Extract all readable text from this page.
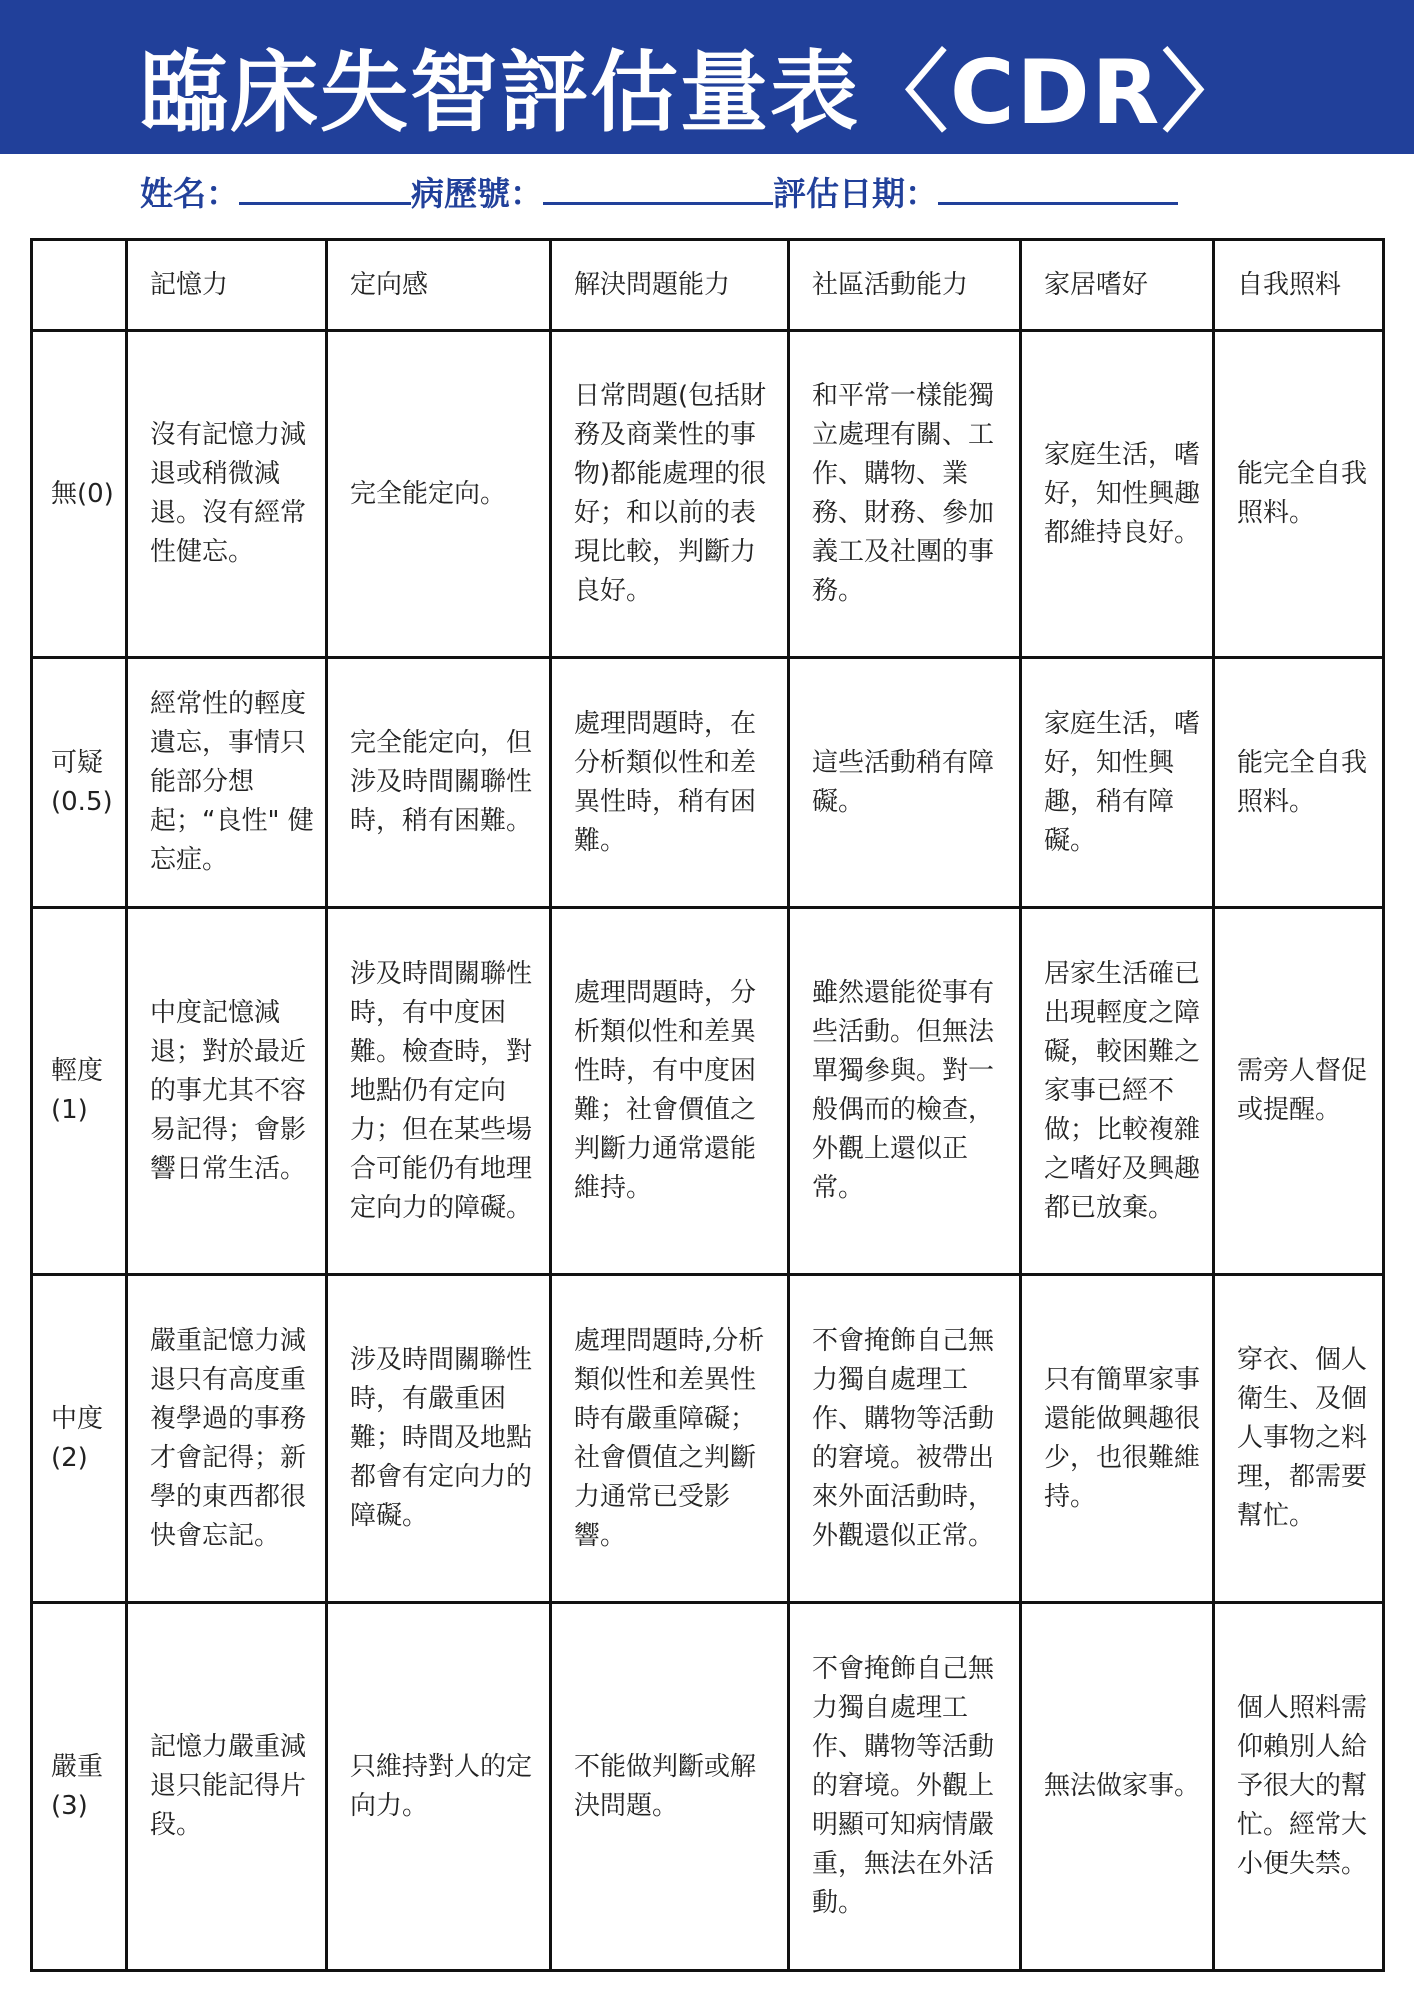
臨床失智評估量表〈CDR〉
姓名：	病歷號：	評估日期：
	記憶力	定向感	解決問題能力	社區活動能力	家居嗜好	自我照料
無(0)	沒有記憶力減退或稍微減退。沒有經常性健忘。	完全能定向。	日常問題(包括財務及商業性的事物)都能處理的很好；和以前的表現比較，判斷力良好。	和平常一樣能獨立處理有關、工作、購物、業務、財務、參加義工及社團的事務。	家庭生活，嗜好，知性興趣都維持良好。	能完全自我照料。
可疑(0.5)	經常性的輕度遺忘，事情只能部分想起；“良性" 健忘症。	完全能定向，但涉及時間關聯性時，稍有困難。	處理問題時，在分析類似性和差異性時，稍有困難。	這些活動稍有障礙。	家庭生活，嗜好，知性興趣，稍有障礙。	能完全自我照料。
輕度(1)	中度記憶減退；對於最近的事尤其不容易記得；會影響日常生活。	涉及時間關聯性時，有中度困難。檢查時，對地點仍有定向力；但在某些場合可能仍有地理定向力的障礙。	處理問題時，分析類似性和差異性時，有中度困難；社會價值之判斷力通常還能維持。	雖然還能從事有些活動。但無法單獨參與。對一般偶而的檢查，外觀上還似正常。	居家生活確已出現輕度之障礙，較困難之家事已經不做；比較複雜之嗜好及興趣都已放棄。	需旁人督促或提醒。
中度(2)	嚴重記憶力減退只有高度重複學過的事務才會記得；新學的東西都很快會忘記。	涉及時間關聯性時，有嚴重困難；時間及地點都會有定向力的障礙。	處理問題時,分析類似性和差異性時有嚴重障礙；社會價值之判斷力通常已受影響。	不會掩飾自己無力獨自處理工作、購物等活動的窘境。被帶出來外面活動時，外觀還似正常。	只有簡單家事還能做興趣很少，也很難維持。	穿衣、個人衛生、及個人事物之料理，都需要幫忙。
嚴重(3)	記憶力嚴重減退只能記得片段。	只維持對人的定向力。	不能做判斷或解決問題。	不會掩飾自己無力獨自處理工作、購物等活動的窘境。外觀上明顯可知病情嚴重，無法在外活動。	無法做家事。	個人照料需仰賴別人給予很大的幫忙。經常大小便失禁。
